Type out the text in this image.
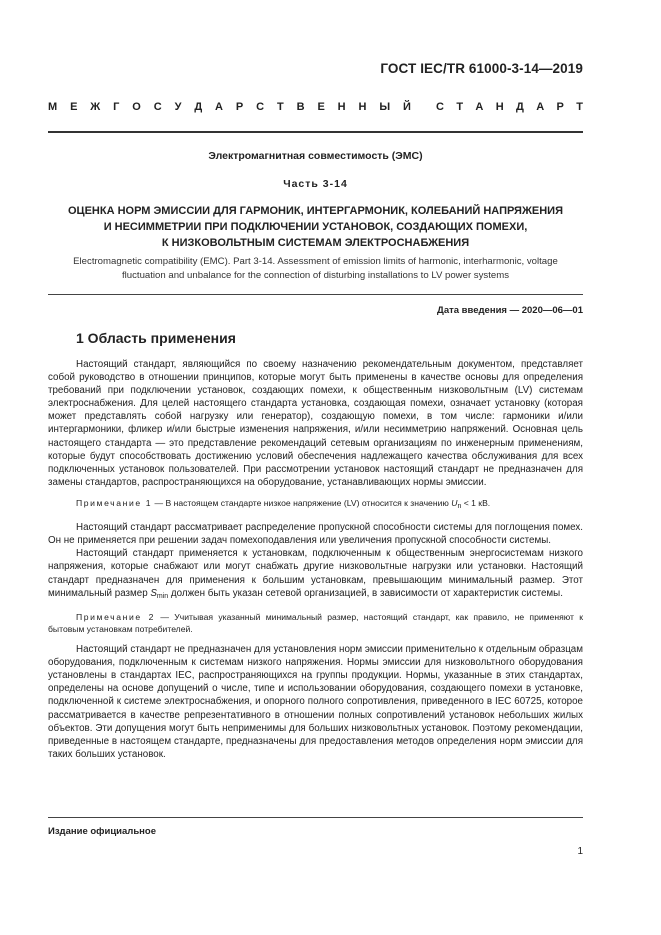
ГОСТ IEC/TR 61000-3-14—2019
М Е Ж Г О С У Д А Р С Т В Е Н Н Ы Й С Т А Н Д А Р Т
Электромагнитная совместимость (ЭМС)
Часть 3-14
ОЦЕНКА НОРМ ЭМИССИИ ДЛЯ ГАРМОНИК, ИНТЕРГАРМОНИК, КОЛЕБАНИЙ НАПРЯЖЕНИЯ
И НЕСИММЕТРИИ ПРИ ПОДКЛЮЧЕНИИ УСТАНОВОК, СОЗДАЮЩИХ ПОМЕХИ,
К НИЗКОВОЛЬТНЫМ СИСТЕМАМ ЭЛЕКТРОСНАБЖЕНИЯ
Electromagnetic compatibility (EMC). Part 3-14. Assessment of emission limits of harmonic, interharmonic, voltage
fluctuation and unbalance for the connection of disturbing installations to LV power systems
Дата введения — 2020—06—01
1 Область применения

Настоящий стандарт, являющийся по своему назначению рекомендательным документом, представляет собой руководство в отношении принципов, которые могут быть применены в качестве основы для определения требований при подключении установок, создающих помехи, к общественным низковольтным (LV) системам электроснабжения. Для целей настоящего стандарта установка, создающая помехи, означает установку (которая может представлять собой нагрузку или генератор), создающую помехи, в том числе: гармоники и/или интергармоники, фликер и/или быстрые изменения напряжения, и/или несимметрию напряжений. Основная цель настоящего стандарта — это представление рекомендаций сетевым организациям по инженерным применениям, которые будут способствовать достижению условий обеспечения надлежащего качества обслуживания для всех подключенных установок пользователей. При рассмотрении установок настоящий стандарт не предназначен для замены стандартов, распространяющихся на оборудование, устанавливающих нормы эмиссии.

Примечание 1 — В настоящем стандарте низкое напряжение (LV) относится к значению $U_n < 1$ кВ.

Настоящий стандарт рассматривает распределение пропускной способности системы для поглощения помех. Он не применяется при решении задач помехоподавления или увеличения пропускной способности системы.

Настоящий стандарт применяется к установкам, подключенным к общественным энергосистемам низкого напряжения, которые снабжают или могут снабжать другие низковольтные нагрузки или установки. Настоящий стандарт предназначен для применения к большим установкам, превышающим минимальный размер. Этот минимальный размер $S_{min}$ должен быть указан сетевой организацией, в зависимости от характеристик системы.

Примечание 2 — Учитывая указанный минимальный размер, настоящий стандарт, как правило, не применяют к бытовым установкам потребителей.

Настоящий стандарт не предназначен для установления норм эмиссии применительно к отдельным образцам оборудования, подключенным к системам низкого напряжения. Нормы эмиссии для низковольтного оборудования установлены в стандартах IEC, распространяющихся на группы продукции. Нормы, указанные в этих стандартах, определены на основе допущений о числе, типе и использовании оборудования, создающего помехи в установке, подключенной к системе электроснабжения, и опорного полного сопротивления, приведенного в IEC 60725, которое рассматривается в качестве репрезентативного в отношении полных сопротивлений установок небольших жилых объектов. Эти допущения могут быть неприменимы для больших низковольтных установок. Поэтому рекомендации, приведенные в настоящем стандарте, предназначены для предоставления методов определения норм эмиссии для таких больших установок.

Издание официальное
1
